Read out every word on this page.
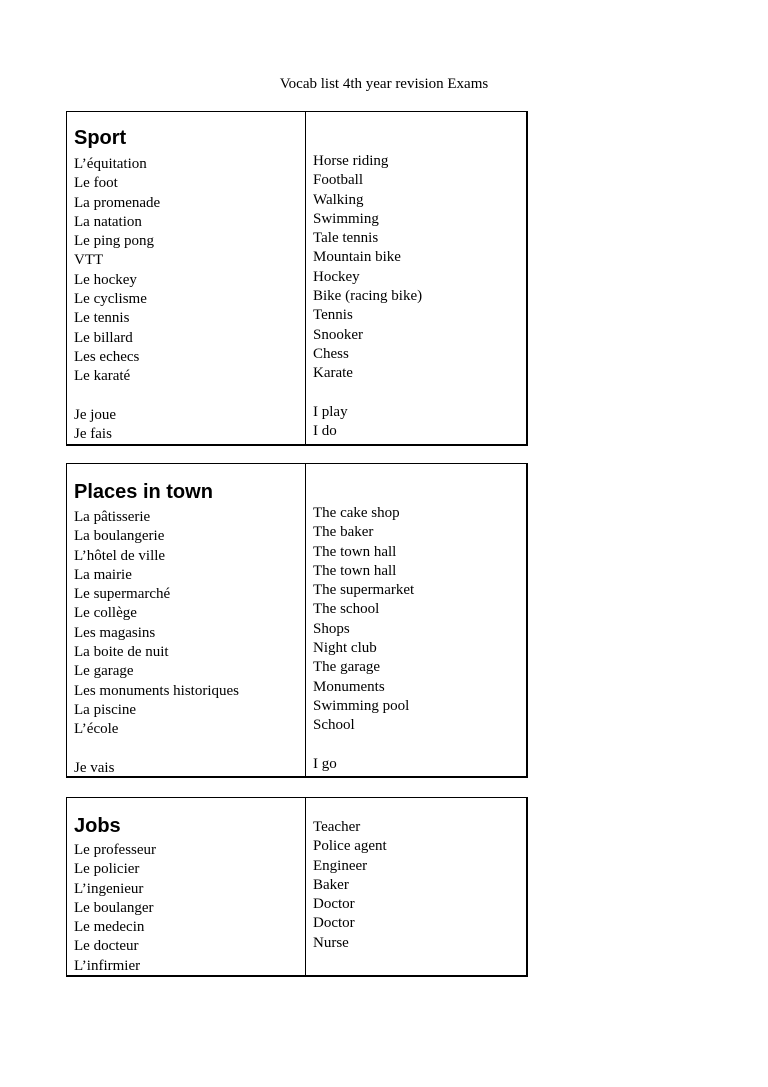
Vocab list 4th year revision Exams
Sport
L’équitation
Le foot
La promenade
La natation
Le ping pong
VTT
Le hockey
Le cyclisme
Le tennis
Le billard
Les echecs
Le karaté
Je joue
Je fais
Horse riding
Football
Walking
Swimming
Tale tennis
Mountain bike
Hockey
Bike (racing bike)
Tennis
Snooker
Chess
Karate
I play
I do
Places in town
La pâtisserie
La boulangerie
L’hôtel de ville
La mairie
Le supermarché
Le collège
Les magasins
La boite de nuit
Le garage
Les monuments historiques
La piscine
L’école
Je vais
The cake shop
The baker
The town hall
The town hall
The supermarket
The school
Shops
Night club
The garage
Monuments
Swimming pool
School
I go
Jobs
Le professeur
Le policier
L’ingenieur
Le boulanger
Le medecin
Le docteur
L’infirmier
Teacher
Police agent
Engineer
Baker
Doctor
Doctor
Nurse
